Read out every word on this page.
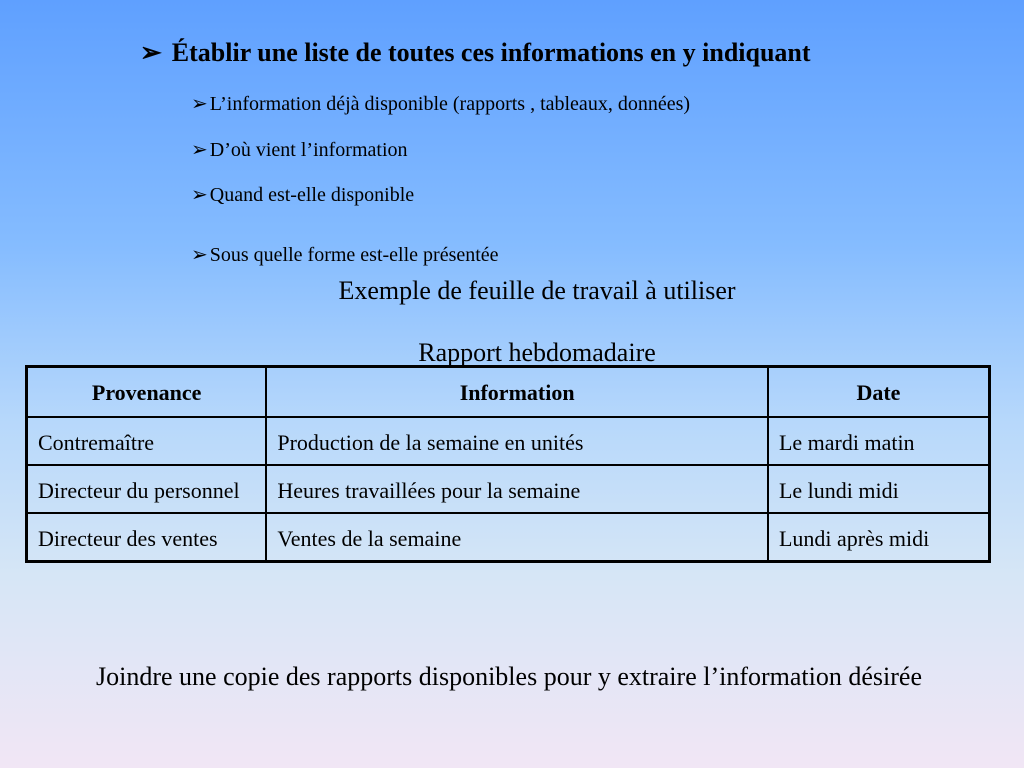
➢ Établir une liste de toutes ces informations en y indiquant
➢ L’information déjà disponible (rapports , tableaux, données)
➢ D’où vient l’information
➢ Quand est-elle disponible
➢ Sous quelle forme est-elle présentée
Exemple de feuille de travail à utiliser
Rapport hebdomadaire
Provenance	Information	Date
Contremaître	Production de la semaine en unités	Le mardi matin
Directeur du personnel	Heures travaillées pour la semaine	Le lundi midi
Directeur des ventes	Ventes de la semaine	Lundi après midi
Joindre une copie des rapports disponibles pour y extraire l’information désirée
